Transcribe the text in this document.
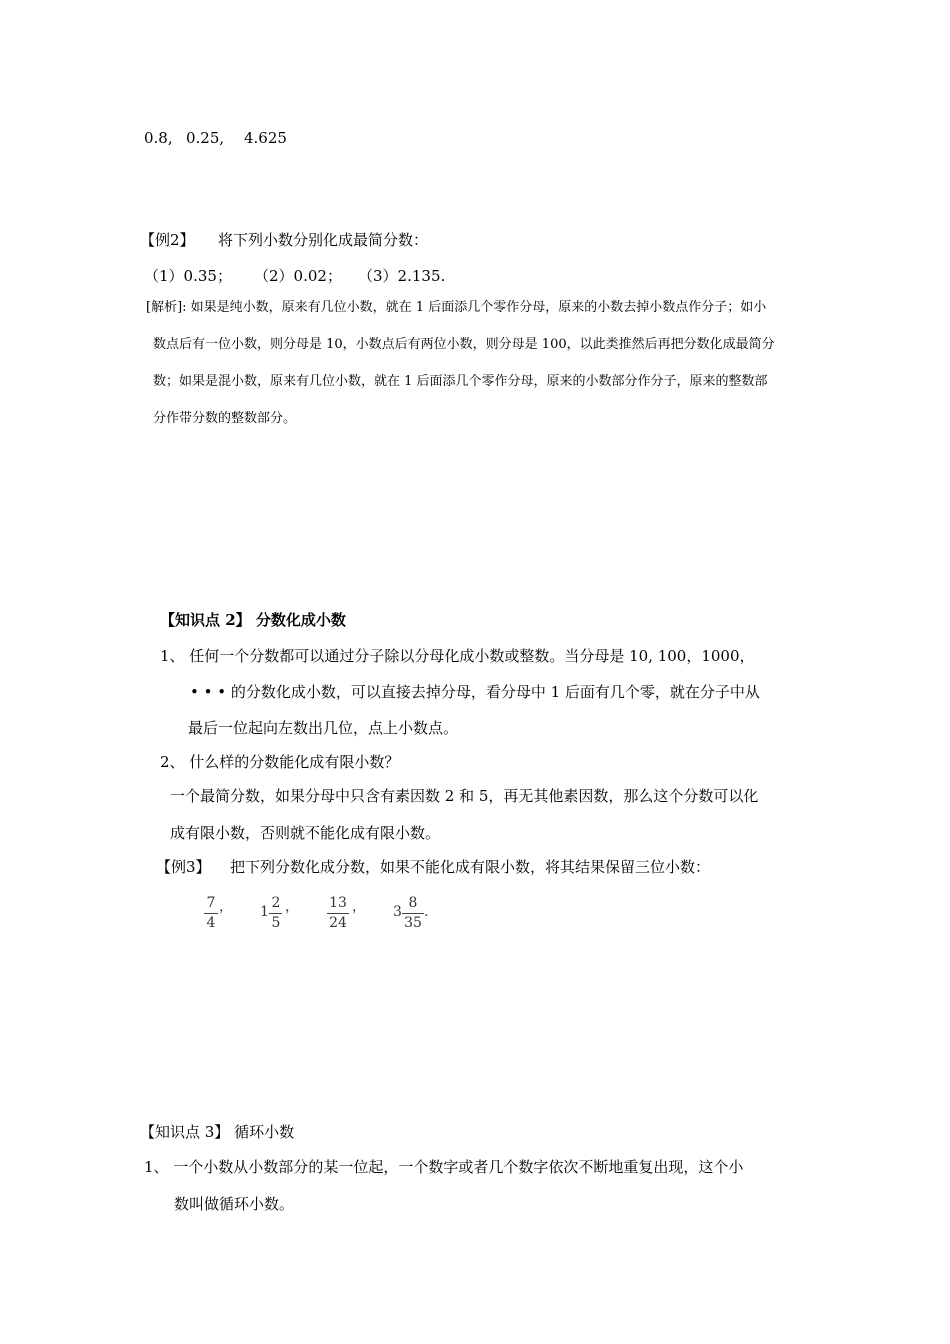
0.8, 0.25, 4.625
【例2】 将下列小数分别化成最简分数：
（1）0.35； （2）0.02； （3）2.135.
[解析]: 如果是纯小数，原来有几位小数，就在 1 后面添几个零作分母，原来的小数去掉小数点作分子；如小
数点后有一位小数，则分母是 10，小数点后有两位小数，则分母是 100，以此类推然后再把分数化成最简分
数；如果是混小数，原来有几位小数，就在 1 后面添几个零作分母，原来的小数部分作分子，原来的整数部
分作带分数的整数部分。
【知识点 2】 分数化成小数
1、 任何一个分数都可以通过分子除以分母化成小数或整数。当分母是 10, 100，1000，
• • • 的分数化成小数，可以直接去掉分母，看分母中 1 后面有几个零，就在分子中从
最后一位起向左数出几位，点上小数点。
2、 什么样的分数能化成有限小数？
一个最简分数，如果分母中只含有素因数 2 和 5，再无其他素因数，那么这个分数可以化
成有限小数，否则就不能化成有限小数。
【例3】 把下列分数化成分数，如果不能化成有限小数，将其结果保留三位小数：
7
4
， 1
2
5
， 13
24
， 3
8
35
.
【知识点 3】 循环小数
1、 一个小数从小数部分的某一位起，一个数字或者几个数字依次不断地重复出现，这个小
数叫做循环小数。
